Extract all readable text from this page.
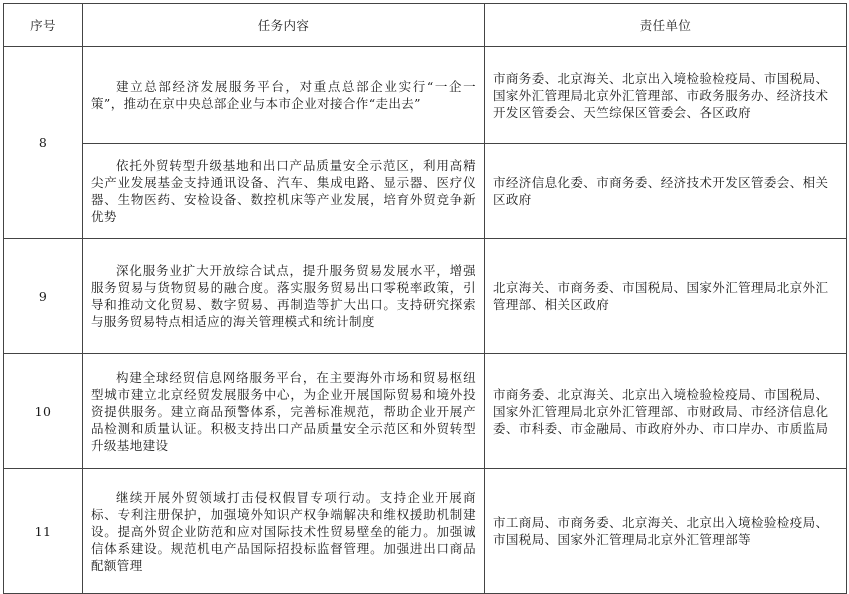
序号	任务内容	责任单位
8	建立总部经济发展服务平台，对重点总部企业实行“一企一策”，推动在京中央总部企业与本市企业对接合作“走出去”	市商务委、北京海关、北京出入境检验检疫局、市国税局、国家外汇管理局北京外汇管理部、市政务服务办、经济技术开发区管委会、天竺综保区管委会、各区政府

	依托外贸转型升级基地和出口产品质量安全示范区，利用高精尖产业发展基金支持通讯设备、汽车、集成电路、显示器、医疗仪器、生物医药、安检设备、数控机床等产业发展，培育外贸竞争新优势	市经济信息化委、市商务委、经济技术开发区管委会、相关区政府
9	深化服务业扩大开放综合试点，提升服务贸易发展水平，增强服务贸易与货物贸易的融合度。落实服务贸易出口零税率政策，引导和推动文化贸易、数字贸易、再制造等扩大出口。支持研究探索与服务贸易特点相适应的海关管理模式和统计制度	北京海关、市商务委、市国税局、国家外汇管理局北京外汇管理部、相关区政府
10	构建全球经贸信息网络服务平台，在主要海外市场和贸易枢纽型城市建立北京经贸发展服务中心，为企业开展国际贸易和境外投资提供服务。建立商品预警体系，完善标准规范，帮助企业开展产品检测和质量认证。积极支持出口产品质量安全示范区和外贸转型升级基地建设	市商务委、北京海关、北京出入境检验检疫局、市国税局、国家外汇管理局北京外汇管理部、市财政局、市经济信息化委、市科委、市金融局、市政府外办、市口岸办、市质监局
11	继续开展外贸领域打击侵权假冒专项行动。支持企业开展商标、专利注册保护，加强境外知识产权争端解决和维权援助机制建设。提高外贸企业防范和应对国际技术性贸易壁垒的能力。加强诚信体系建设。规范机电产品国际招投标监督管理。加强进出口商品配额管理	市工商局、市商务委、北京海关、北京出入境检验检疫局、市国税局、国家外汇管理局北京外汇管理部等
